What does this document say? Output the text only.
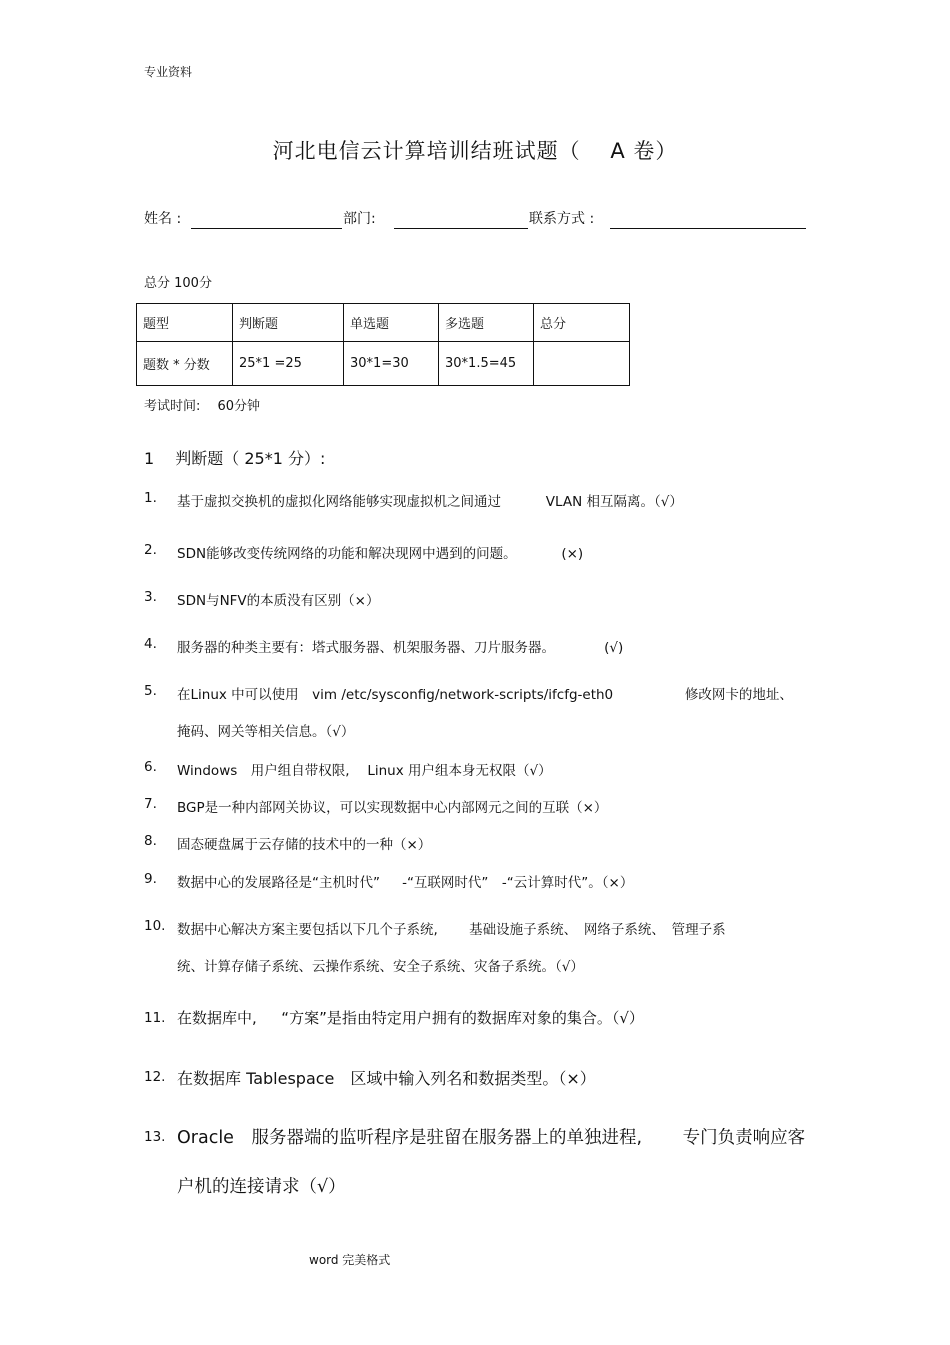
专业资料
河北电信云计算培训结班试题（　 A 卷）
姓名 :	部门:	联系方式 :
总分 100分
题型	判断题	单选题	多选题	总分
题数 * 分数	25*1 =25	30*1=30	30*1.5=45	
考试时间:　 60分钟
1 　判断题（ 25*1 分）:
1.	基于虚拟交换机的虚拟化网络能够实现虚拟机之间通过 　　　VLAN 相互隔离。（√）
2.	SDN能够改变传统网络的功能和解决现网中遇到的问题。 　　　(×)
3.	SDN与NFV的本质没有区别（×）
4.	服务器的种类主要有：塔式服务器、机架服务器、刀片服务器。 　　　 (√)
5.	在Linux 中可以使用　vim /etc/sysconfig/network-scripts/ifcfg-eth0 　　　　　修改网卡的地址、
掩码、网关等相关信息。（√）
6.	Windows　用户组自带权限, 　Linux 用户组本身无权限（√）
7.	BGP是一种内部网关协议，可以实现数据中心内部网元之间的互联（×）
8.	固态硬盘属于云存储的技术中的一种（×）
9.	数据中心的发展路径是“主机时代” 　 -“互联网时代”　-“云计算时代”。（×）
10. 数据中心解决方案主要包括以下几个子系统, 　　基础设施子系统、　网络子系统、　管理子系
统、计算存储子系统、云操作系统、安全子系统、灾备子系统。（√）
11. 在数据库中, 　 “方案”是指由特定用户拥有的数据库对象的集合。（√）
12. 在数据库 Tablespace　区域中输入列名和数据类型。（×）
13. Oracle　服务器端的监听程序是驻留在服务器上的单独进程, 　　专门负责响应客
户机的连接请求（√）
word 完美格式
